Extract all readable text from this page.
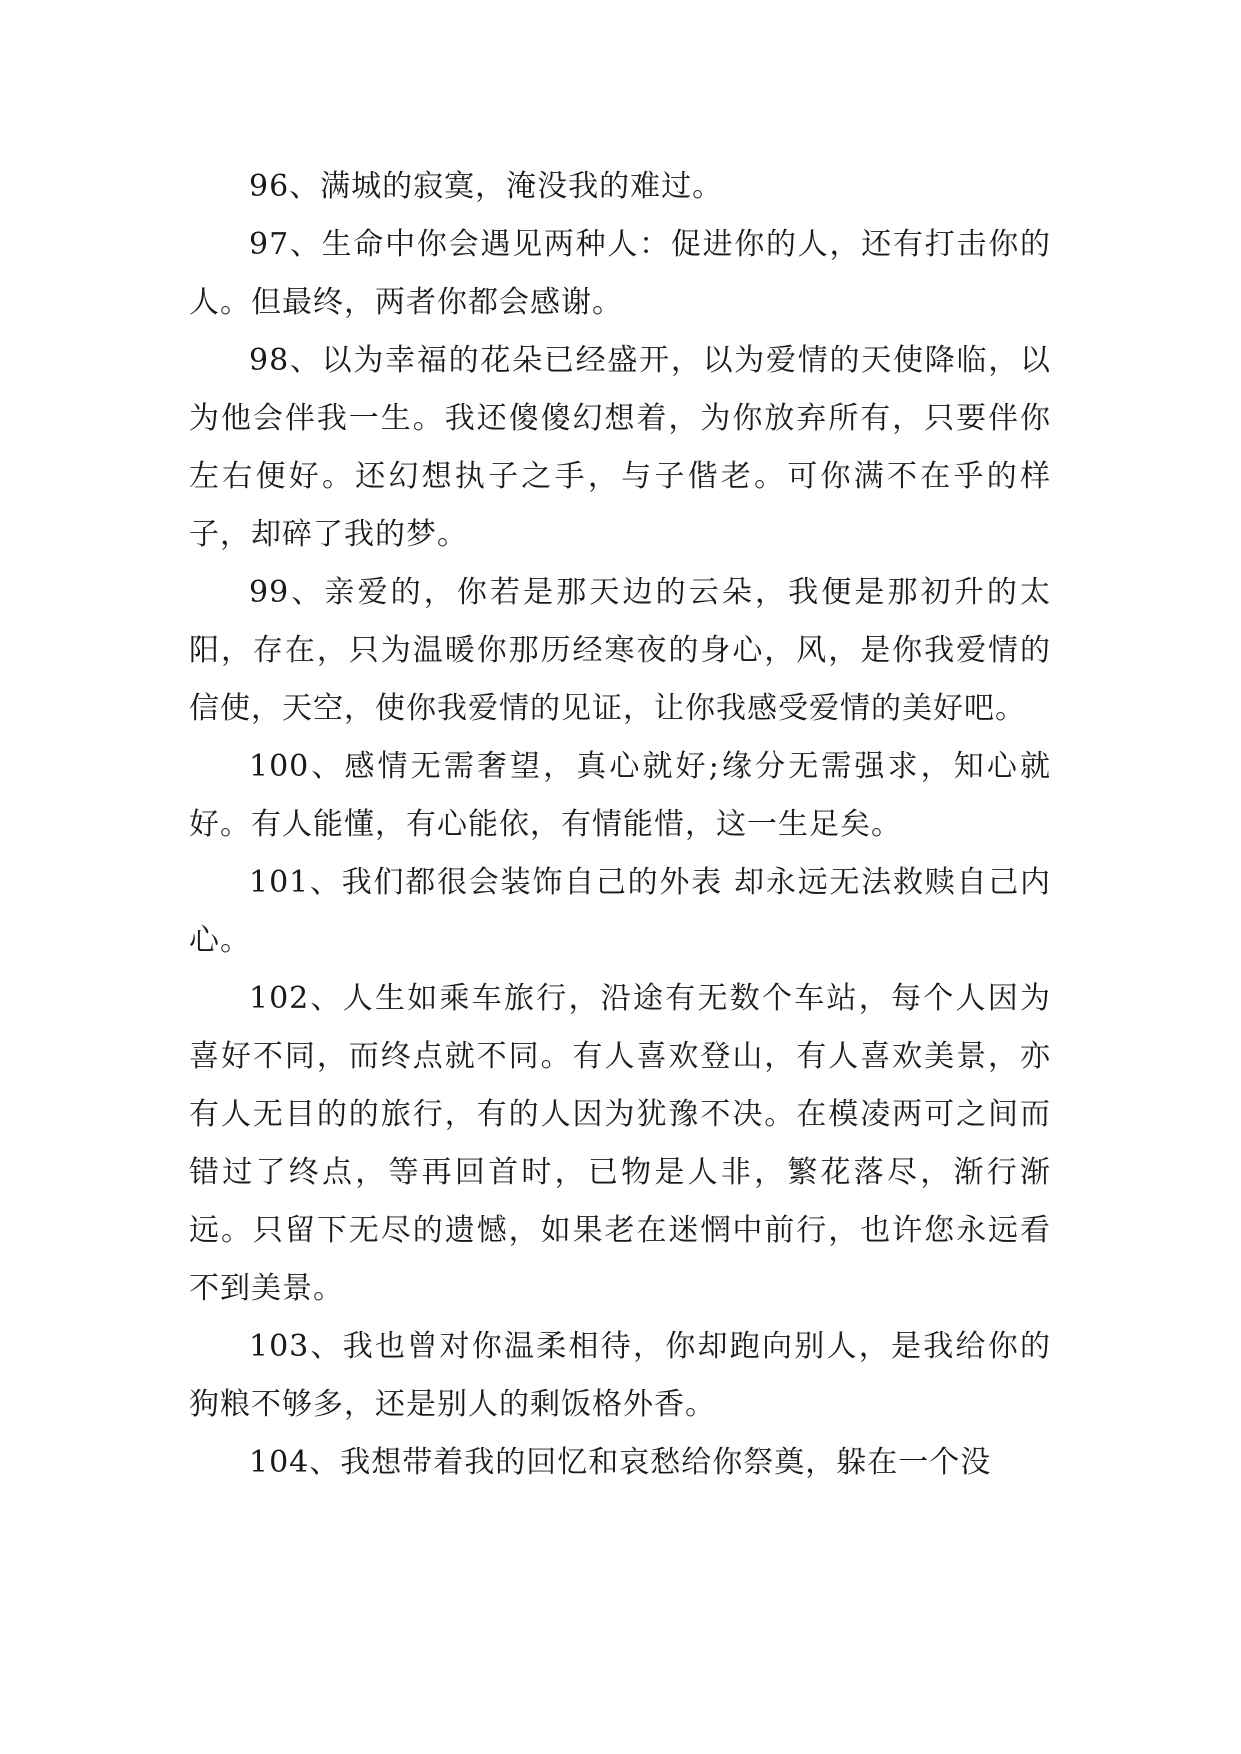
96、满城的寂寞，淹没我的难过。

97、生命中你会遇见两种人：促进你的人，还有打击你的人。但最终，两者你都会感谢。

98、以为幸福的花朵已经盛开，以为爱情的天使降临，以为他会伴我一生。我还傻傻幻想着，为你放弃所有，只要伴你左右便好。还幻想执子之手，与子偕老。可你满不在乎的样子，却碎了我的梦。

99、亲爱的，你若是那天边的云朵，我便是那初升的太阳，存在，只为温暖你那历经寒夜的身心，风，是你我爱情的信使，天空，使你我爱情的见证，让你我感受爱情的美好吧。

100、感情无需奢望，真心就好;缘分无需强求，知心就好。有人能懂，有心能依，有情能惜，这一生足矣。

101、我们都很会装饰自己的外表 却永远无法救赎自己内心。

102、人生如乘车旅行，沿途有无数个车站，每个人因为喜好不同，而终点就不同。有人喜欢登山，有人喜欢美景，亦有人无目的的旅行，有的人因为犹豫不决。在模凌两可之间而错过了终点，等再回首时，已物是人非，繁花落尽，渐行渐远。只留下无尽的遗憾，如果老在迷惘中前行，也许您永远看不到美景。

103、我也曾对你温柔相待，你却跑向别人，是我给你的狗粮不够多，还是别人的剩饭格外香。

104、我想带着我的回忆和哀愁给你祭奠，躲在一个没
